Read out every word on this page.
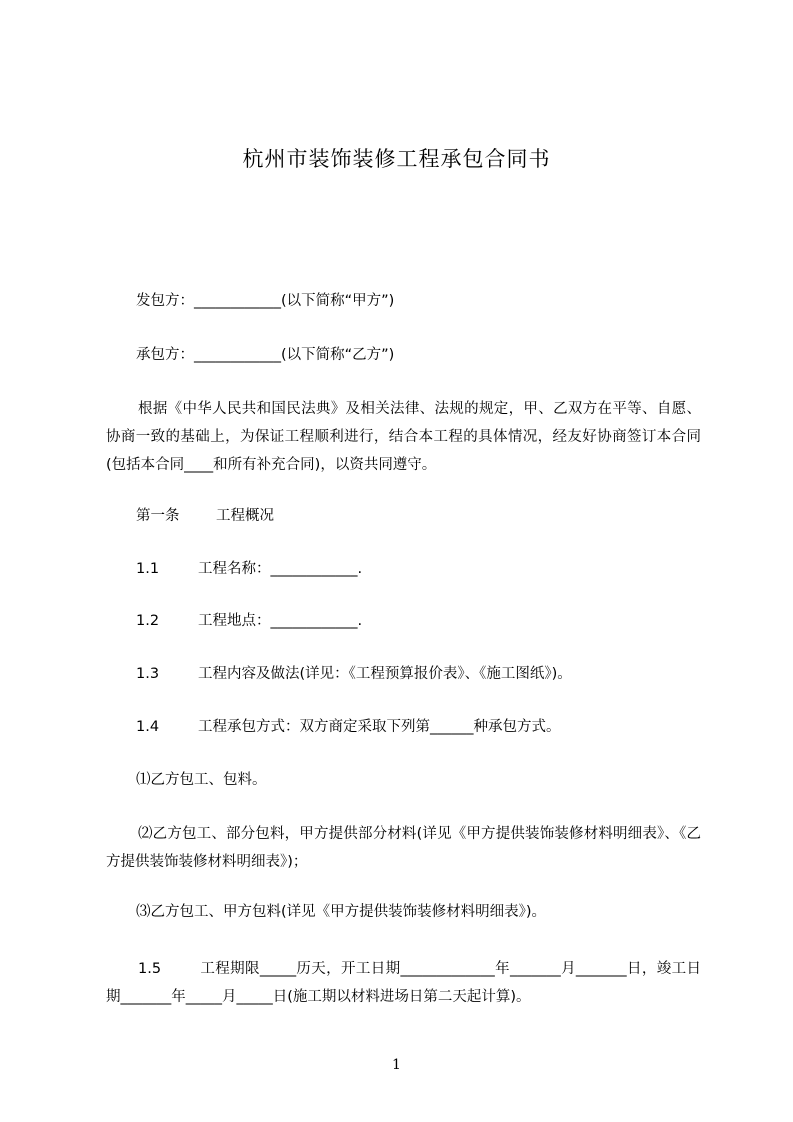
杭州市装饰装修工程承包合同书
发包方：____________(以下简称“甲方”)
承包方：____________(以下简称“乙方”)
根据《中华人民共和国民法典》及相关法律、法规的规定，甲、乙双方在平等、自愿、协商一致的基础上，为保证工程顺利进行，结合本工程的具体情况，经友好协商签订本合同(包括本合同____和所有补充合同)，以资共同遵守。
第一条	工程概况
1.1	工程名称：____________.
1.2	工程地点：____________.
1.3	工程内容及做法(详见：《工程预算报价表》、《施工图纸》)。
1.4	工程承包方式：双方商定采取下列第______种承包方式。
⑴乙方包工、包料。
⑵乙方包工、部分包料，甲方提供部分材料(详见《甲方提供装饰装修材料明细表》、《乙方提供装饰装修材料明细表》)；
⑶乙方包工、甲方包料(详见《甲方提供装饰装修材料明细表》)。
1.5	工程期限_____历天，开工日期_____________年_______月_______日，竣工日期_______年_____月_____日(施工期以材料进场日第二天起计算)。
1
